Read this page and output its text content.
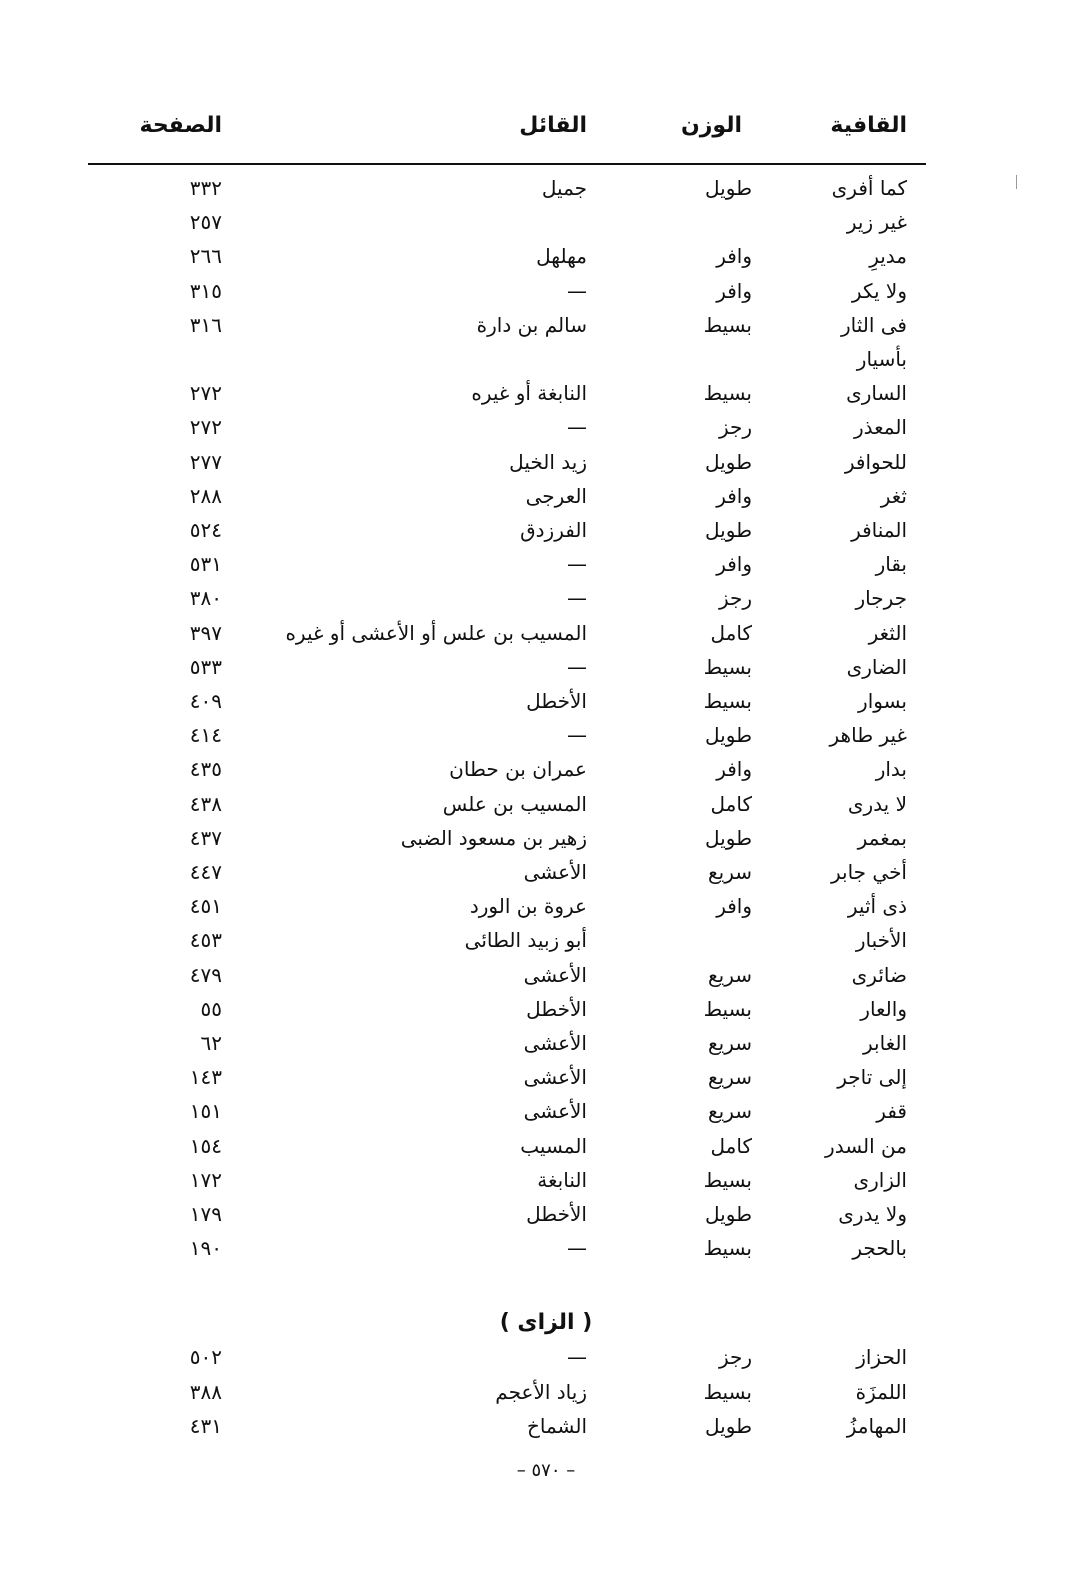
القافية
الوزن
القائل
الصفحة
كما أفرى
طويل
جميل
٣٣٢
غير زير
٢٥٧
مديرِ
وافر
مهلهل
٢٦٦
ولا يكر
وافر
—
٣١٥
فى الثار
بسيط
سالم بن دارة
٣١٦
بأسيار
السارى
بسيط
النابغة أو غيره
٢٧٢
المعذر
رجز
—
٢٧٢
للحوافر
طويل
زيد الخيل
٢٧٧
ثغر
وافر
العرجى
٢٨٨
المنافر
طويل
الفرزدق
٥٢٤
بقار
وافر
—
٥٣١
جرجار
رجز
—
٣٨٠
الثغر
كامل
المسيب بن علس أو الأعشى أو غيره
٣٩٧
الضارى
بسيط
—
٥٣٣
بسوار
بسيط
الأخطل
٤٠٩
غير طاهر
طويل
—
٤١٤
بدار
وافر
عمران بن حطان
٤٣٥
لا يدرى
كامل
المسيب بن علس
٤٣٨
بمغمر
طويل
زهير بن مسعود الضبى
٤٣٧
أخي جابر
سريع
الأعشى
٤٤٧
ذى أثير
وافر
عروة بن الورد
٤٥١
الأخبار
أبو زبيد الطائى
٤٥٣
ضائرى
سريع
الأعشى
٤٧٩
والعار
بسيط
الأخطل
٥٥
الغابر
سريع
الأعشى
٦٢
إلى تاجر
سريع
الأعشى
١٤٣
قفر
سريع
الأعشى
١٥١
من السدر
كامل
المسيب
١٥٤
الزارى
بسيط
النابغة
١٧٢
ولا يدرى
طويل
الأخطل
١٧٩
بالحجر
بسيط
—
١٩٠
( الزاى )
الحزاز
رجز
—
٥٠٢
اللمزَة
بسيط
زياد الأعجم
٣٨٨
المهامزُ
طويل
الشماخ
٤٣١
– ٥٧٠ –
